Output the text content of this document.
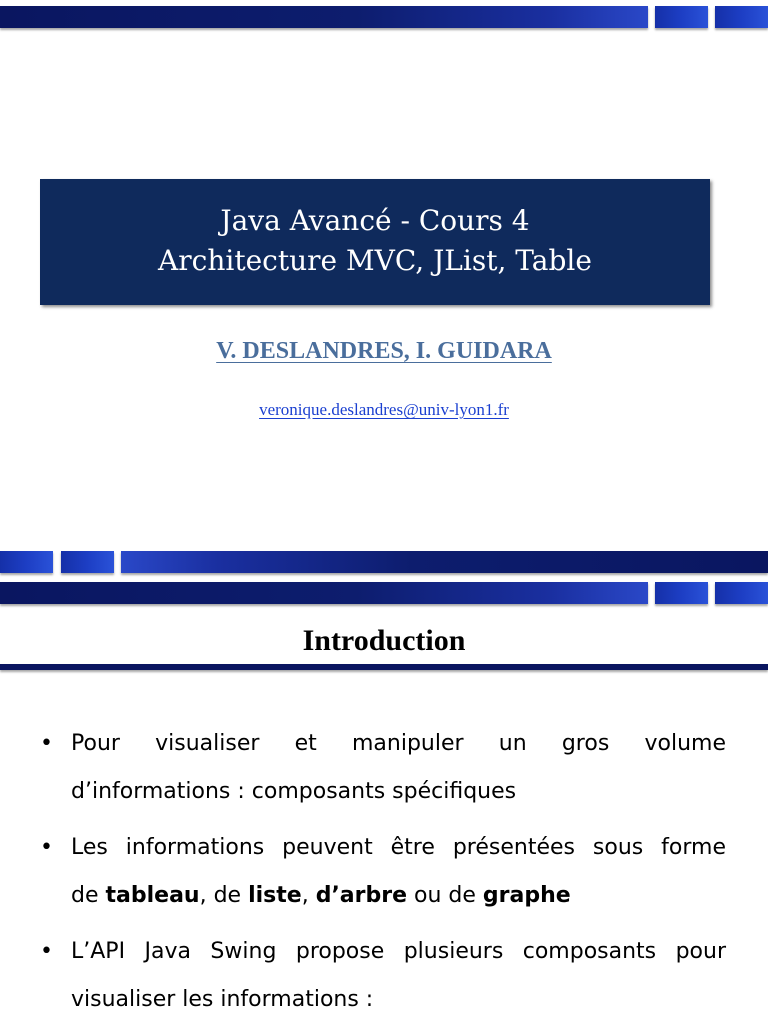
Java Avancé - Cours 4
Architecture MVC, JList, Table
V. DESLANDRES, I. GUIDARA
veronique.deslandres@univ-lyon1.fr
Introduction
• Pour visualiser et manipuler un gros volume
d’informations : composants spécifiques
• Les informations peuvent être présentées sous forme
de tableau, de liste, d’arbre ou de graphe
• L’API Java Swing propose plusieurs composants pour
visualiser les informations :
